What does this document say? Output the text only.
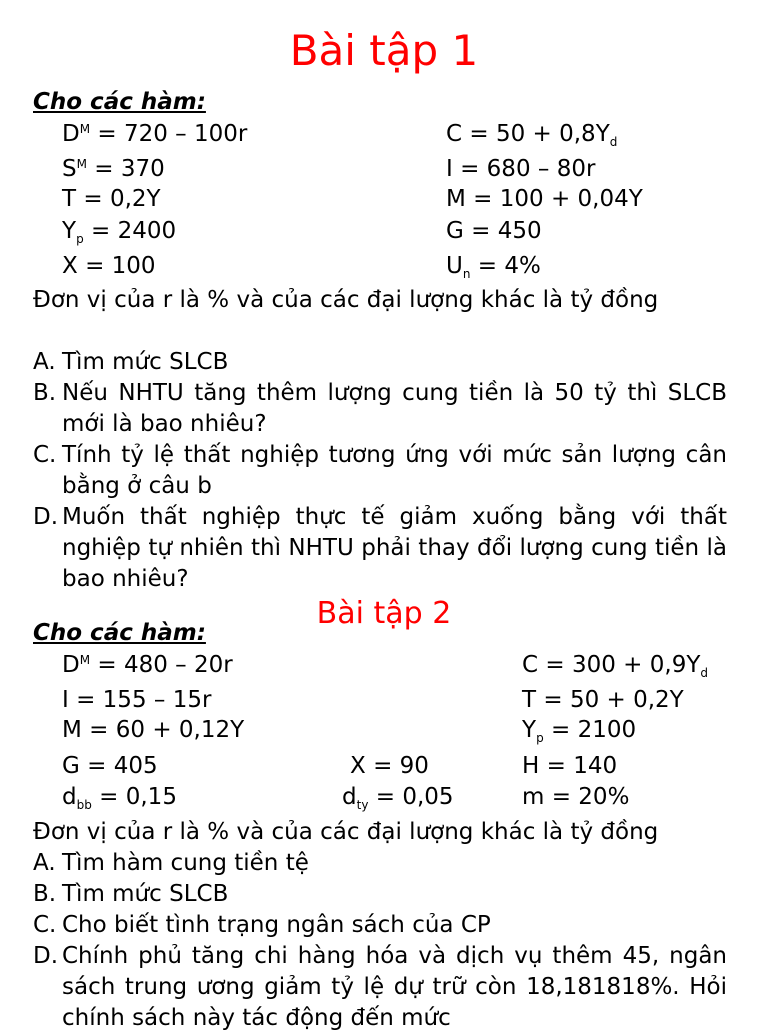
Bài tập 1
Cho các hàm:
$D^M = 720 - 100r$	$C = 50 + 0,8Y_d$
$S^M = 370$	I = 680 – 80r
T = 0,2Y	M = 100 + 0,04Y
$Y_p = 2400$	G = 450
X = 100	$U_n = 4\%$
Đơn vị của r là % và của các đại lượng khác là tỷ đồng
A. Tìm mức SLCB
B. Nếu NHTU tăng thêm lượng cung tiền là 50 tỷ thì SLCB mới là bao nhiêu?
C. Tính tỷ lệ thất nghiệp tương ứng với mức sản lượng cân bằng ở câu b
D. Muốn thất nghiệp thực tế giảm xuống bằng với thất nghiệp tự nhiên thì NHTU phải thay đổi lượng cung tiền là bao nhiêu?
Bài tập 2
Cho các hàm:
$D^M = 480 - 20r$	$C = 300 + 0,9Y_d$
I = 155 – 15r	T = 50 + 0,2Y
M = 60 + 0,12Y	$Y_p = 2100$
G = 405	X = 90	H = 140
$d_{bb} = 0,15$	$d_{ty} = 0,05$	m = 20%
Đơn vị của r là % và của các đại lượng khác là tỷ đồng
A. Tìm hàm cung tiền tệ
B. Tìm mức SLCB
C. Cho biết tình trạng ngân sách của CP
D. Chính phủ tăng chi hàng hóa và dịch vụ thêm 45, ngân sách trung ương giảm tỷ lệ dự trữ còn 18,181818%. Hỏi chính sách này tác động đến mức
